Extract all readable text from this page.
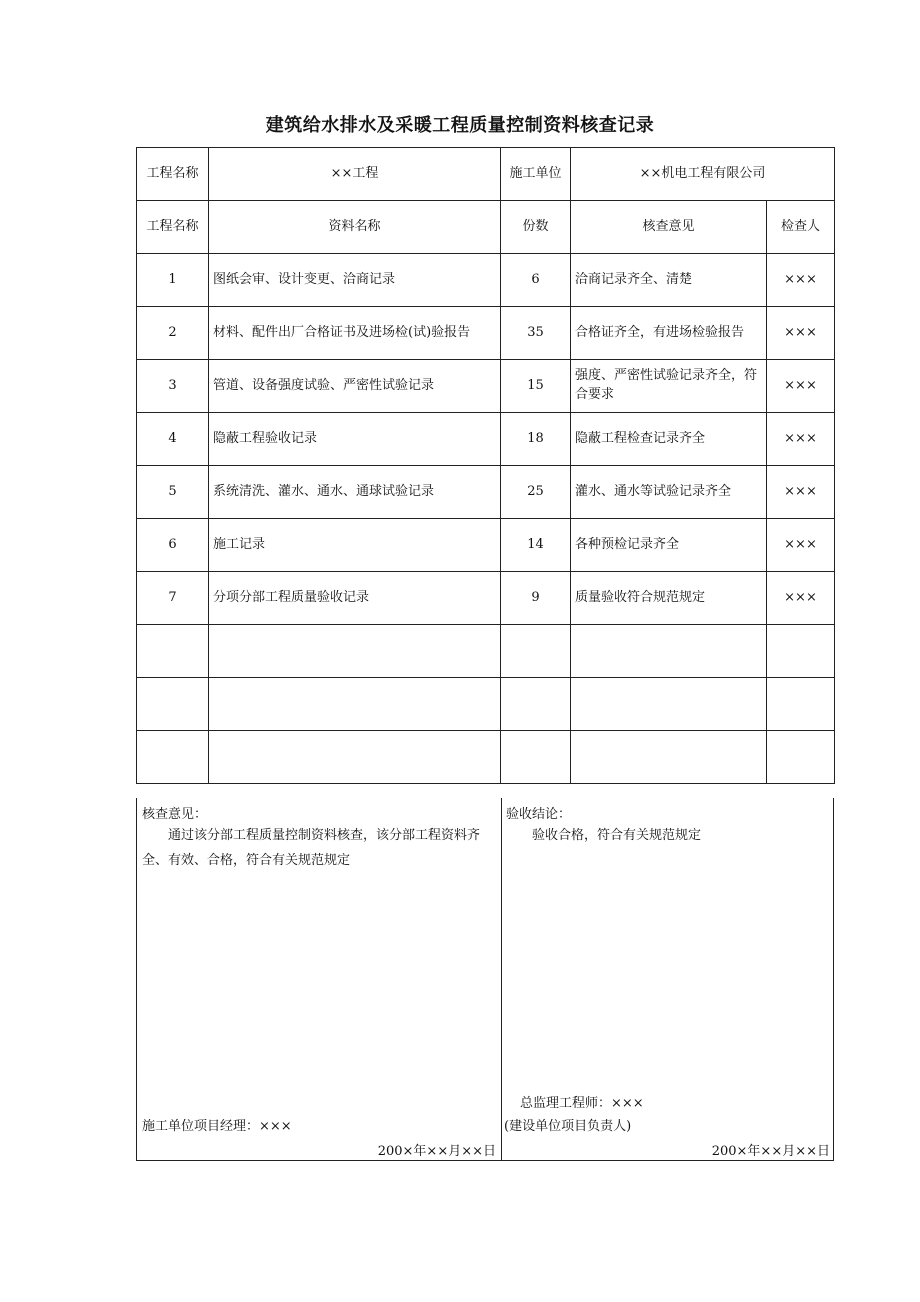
建筑给水排水及采暖工程质量控制资料核查记录
工程名称	××工程	施工单位	××机电工程有限公司	
工程名称	资料名称	份数	核查意见	检查人
1	图纸会审、设计变更、洽商记录	6	洽商记录齐全、清楚	×××
2	材料、配件出厂合格证书及进场检(试)验报告	35	合格证齐全，有进场检验报告	×××
3	管道、设备强度试验、严密性试验记录	15	强度、严密性试验记录齐全，符合要求	×××
4	隐蔽工程验收记录	18	隐蔽工程检查记录齐全	×××
5	系统清洗、灌水、通水、通球试验记录	25	灌水、通水等试验记录齐全	×××
6	施工记录	14	各种预检记录齐全	×××
7	分项分部工程质量验收记录	9	质量验收符合规范规定	×××

核查意见：
通过该分部工程质量控制资料核查，该分部工程资料齐全、有效、合格，符合有关规范规定
施工单位项目经理：×××
200×年××月××日
验收结论：
验收合格，符合有关规范规定
总监理工程师：×××
(建设单位项目负责人)
200×年××月××日
